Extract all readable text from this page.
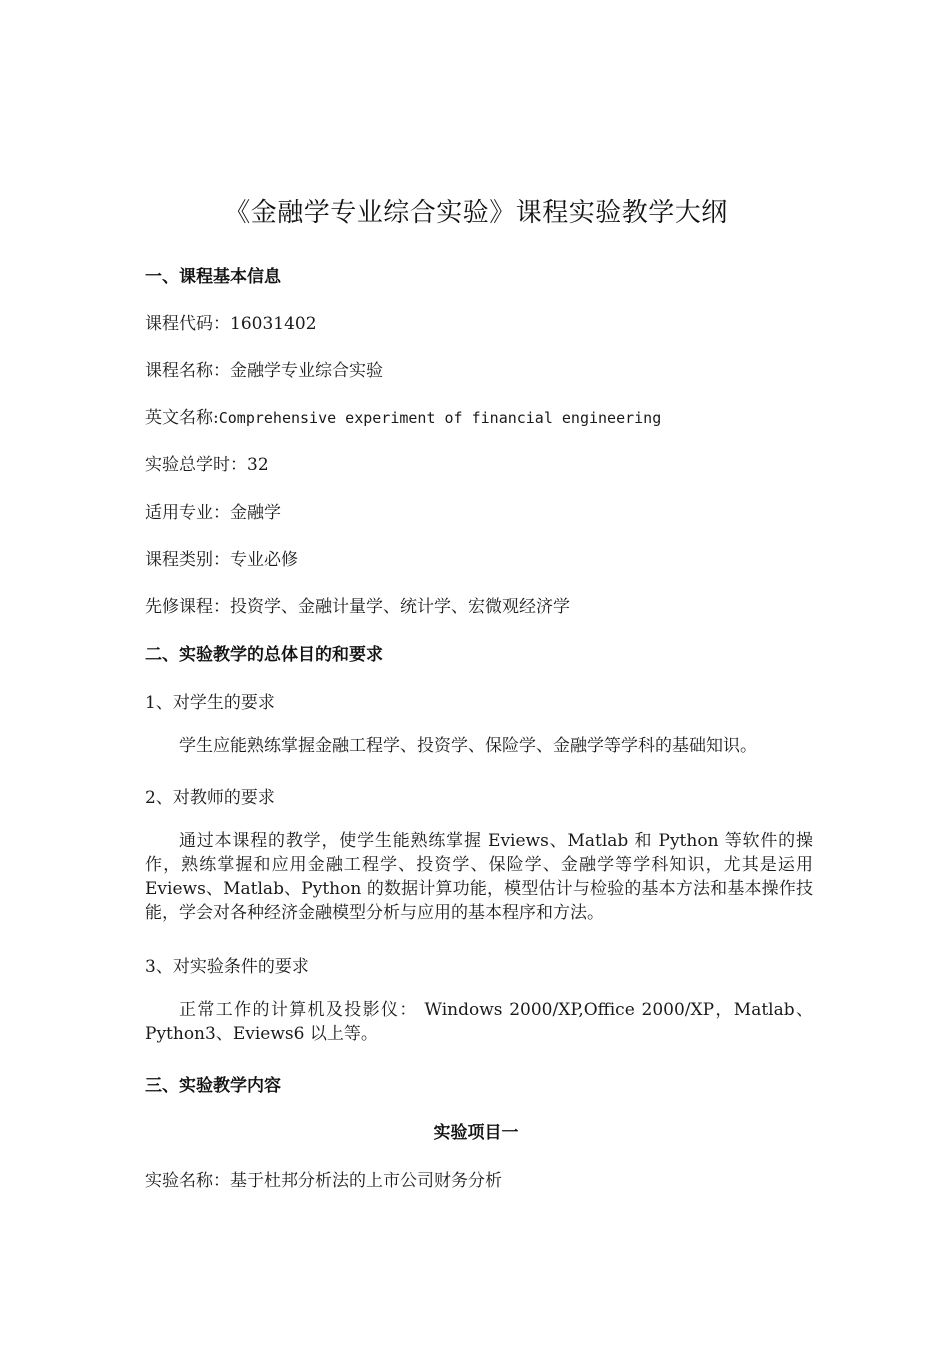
《金融学专业综合实验》课程实验教学大纲
一、课程基本信息
课程代码：16031402
课程名称：金融学专业综合实验
英文名称:Comprehensive experiment of financial engineering
实验总学时：32
适用专业：金融学
课程类别：专业必修
先修课程：投资学、金融计量学、统计学、宏微观经济学
二、实验教学的总体目的和要求
1、对学生的要求
学生应能熟练掌握金融工程学、投资学、保险学、金融学等学科的基础知识。
2、对教师的要求
通过本课程的教学，使学生能熟练掌握 Eviews、Matlab 和 Python 等软件的操作，熟练掌握和应用金融工程学、投资学、保险学、金融学等学科知识，尤其是运用 Eviews、Matlab、Python 的数据计算功能，模型估计与检验的基本方法和基本操作技能，学会对各种经济金融模型分析与应用的基本程序和方法。
3、对实验条件的要求
正常工作的计算机及投影仪： Windows 2000/XP,Office 2000/XP，Matlab、Python3、Eviews6 以上等。
三、实验教学内容
实验项目一
实验名称：基于杜邦分析法的上市公司财务分析
